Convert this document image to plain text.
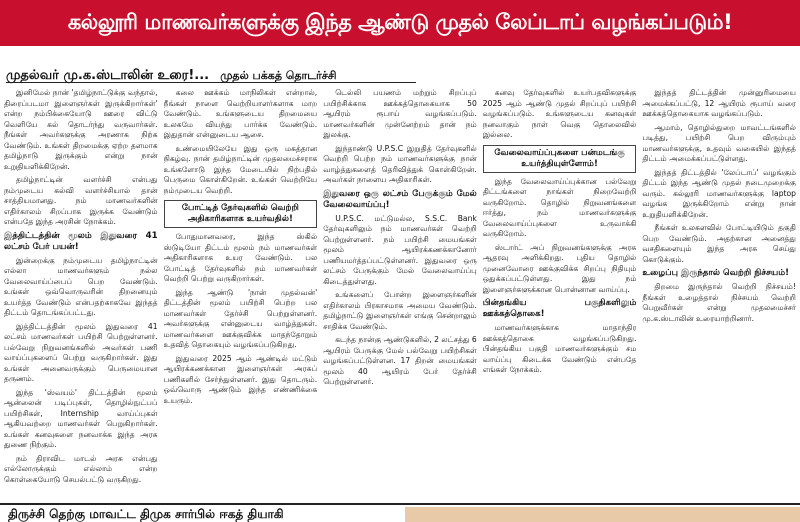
கல்லூரி மாணவர்களுக்கு இந்த ஆண்டு முதல் லேப்டாப் வழங்கப்படும்!
முதல்வர் மு.க.ஸ்டாலின் உரை!... முதல் பக்கத் தொடர்ச்சி

இனிமேல் நான் 'தமிழ்நாட்டுக்கு வந்தால், திரைப்படமா இளைஞர்கள் இருக்கிறார்கள்' என்ற நம்பிக்கையோடு ஊரை விட்டு வெளியே கல் தொடர்ந்து வருவார்கள். நீங்கள் அவர்களுக்கு அரணாக நிற்க வேண்டும். உங்கள் திறமைக்கு ஏற்ற தளமாக தமிழ்நாடு இருக்கும் என்று நான் உறுதியளிக்கிறேன்.

தமிழ்நாட்டின் வளர்ச்சி என்பது நம்முடைய கல்வி வளர்ச்சியால் தான் சாத்தியமானது. நம் மாணவர்களின் எதிர்காலம் சிறப்பாக இருக்க வேண்டும் என்பதே இந்த அரசின் நோக்கம்.

இத்திட்டத்தின் மூலம் இதுவரை 41 லட்சம் பேர் பயன்!

இன்றைக்கு நம்முடைய தமிழ்நாட்டின் எல்லா மாணவர்களும் நல்ல வேலைவாய்ப்பைப் பெற வேண்டும். உங்கள் ஒவ்வொருவரின் திறனையும் உயர்த்த வேண்டும் என்பதற்காகவே இந்தத் திட்டம் தொடங்கப்பட்டது.

இத்திட்டத்தின் மூலம் இதுவரை 41 லட்சம் மாணவர்கள் பயிற்சி பெற்றுள்ளனர். பல்வேறு நிறுவனங்களில் அவர்கள் பணி வாய்ப்புகளைப் பெற்று வருகிறார்கள். இது உங்கள் அனைவருக்கும் பெருமையான தருணம்.

இந்த 'ஸ்வயம்' திட்டத்தின் மூலம் ஆன்லைன் படிப்புகள், தொழில்நுட்பப் பயிற்சிகள், Internship வாய்ப்புகள் ஆகியவற்றை மாணவர்கள் பெறுகிறார்கள். உங்கள் கனவுகளை நனவாக்க இந்த அரசு துணை நிற்கும்.

நம் திராவிட மாடல் அரசு என்பது எல்லோருக்கும் எல்லாம் என்ற கொள்கையோடு செயல்பட்டு வருகிறது.

கலை ஊக்கம் மாநிலிகள் என்றால், நீங்கள் நாளை வெற்றியாளர்களாக மாற வேண்டும். உங்களுடைய திறமையை உலகமே வியந்து பார்க்க வேண்டும். இதுதான் என்னுடைய ஆசை.

உண்மையிலேயே இது ஒரு மகத்தான நிகழ்வு. நான் தமிழ்நாட்டின் முதலமைச்சராக உங்களோடு இந்த மேடையில் நிற்பதில் பெருமை கொள்கிறேன். உங்கள் வெற்றியே நம்முடைய வெற்றி.

போட்டித் தேர்வுகளில் வெற்றி அதிகாரிகளாக உயர்வதில்!

போதுமானவரை, இந்த ஸ்கில் ஸ்டுடியோ திட்டம் மூலம் நம் மாணவர்கள் அதிகாரிகளாக உயர வேண்டும். பல போட்டித் தேர்வுகளில் நம் மாணவர்கள் வெற்றி பெற்று வருகிறார்கள்.

இந்த ஆண்டு 'நான் முதல்வன்' திட்டத்தின் மூலம் பயிற்சி பெற்ற பல மாணவர்கள் தேர்ச்சி பெற்றுள்ளனர். அவர்களுக்கு என்னுடைய வாழ்த்துகள். மாணவர்களை ஊக்குவிக்க மாதந்தோறும் உதவித் தொகையும் வழங்கப்படுகிறது.

இதுவரை 2025 ஆம் ஆண்டில் மட்டும் ஆயிரக்கணக்கான இளைஞர்கள் அரசுப் பணிகளில் சேர்ந்துள்ளனர். இது தொடரும். ஒவ்வொரு ஆண்டும் இந்த எண்ணிக்கை உயரும்.

டெல்லி பயணம் மற்றும் சிறப்புப் பயிற்சிக்காக ஊக்கத்தொகையாக 50 ஆயிரம் ரூபாய் வழங்கப்படும். மாணவர்களின் முன்னேற்றம் தான் நம் இலக்கு.

இந்தாண்டு U.P.S.C இறுதித் தேர்வுகளில் வெற்றி பெற்ற நம் மாணவர்களுக்கு நான் வாழ்த்துகளைத் தெரிவித்துக் கொள்கிறேன். அவர்கள் நாளைய அதிகாரிகள்.

இதுவரை ஒரு லட்சம் பேருக்கும் மேல் வேலைவாய்ப்பு!

U.P.S.C. மட்டுமல்ல, S.S.C. Bank தேர்வுகளிலும் நம் மாணவர்கள் வெற்றி பெற்றுள்ளனர். நம் பயிற்சி மையங்கள் மூலம் ஆயிரக்கணக்கானோர் பணியமர்த்தப்பட்டுள்ளனர். இதுவரை ஒரு லட்சம் பேருக்கும் மேல் வேலைவாய்ப்பு கிடைத்துள்ளது.

உங்களைப் போன்ற இளைஞர்களின் எதிர்காலம் பிரகாசமாக அமைய வேண்டும். தமிழ்நாட்டு இளைஞர்கள் எங்கு சென்றாலும் சாதிக்க வேண்டும்.

கடந்த நான்கு ஆண்டுகளில், 2 லட்சத்து 6 ஆயிரம் பேருக்கு மேல் பல்வேறு பயிற்சிகள் வழங்கப்பட்டுள்ளன. 17 திறன் மையங்கள் மூலம் 40 ஆயிரம் பேர் தேர்ச்சி பெற்றுள்ளனர்.

கனவு தேர்வுகளில் உயர்பதவிகளுக்கு 2025 ஆம் ஆண்டு முதல் சிறப்புப் பயிற்சி வழங்கப்படும். உங்களுடைய கனவுகள் நனவாகும் நாள் வெகு தொலைவில் இல்லை.

வேலைவாய்ப்புகளை பன்மடங்கு உயர்த்தியுள்ளோம்!

இந்த வேலைவாய்ப்புக்கான பல்வேறு திட்டங்களை நாங்கள் நிறைவேற்றி வருகிறோம். தொழில் நிறுவனங்களை ஈர்த்து, நம் மாணவர்களுக்கு வேலைவாய்ப்புகளை உருவாக்கி வருகிறோம்.

ஸ்டார்ட் அப் நிறுவனங்களுக்கு அரசு ஆதரவு அளிக்கிறது. புதிய தொழில் முனைவோரை ஊக்குவிக்க சிறப்பு நிதியும் ஒதுக்கப்பட்டுள்ளது. இது நம் இளைஞர்களுக்கான பொன்னான வாய்ப்பு.

பின்தங்கிய பகுதிகளிலும் ஊக்கத்தொகை!

மாணவர்களுக்காக மாதாந்திர ஊக்கத்தொகை வழங்கப்படுகிறது. பின்தங்கிய பகுதி மாணவர்களுக்கும் சம வாய்ப்பு கிடைக்க வேண்டும் என்பதே எங்கள் நோக்கம்.

இந்தத் திட்டத்தின் முன்னுரிமையை அமைக்கப்பட்டு, 12 ஆயிரம் ரூபாய் வரை ஊக்கத்தொகையாக வழங்கப்படும்.

ஆமாம், தொழில்துறை மாவட்டங்களில் படித்து, பயிற்சி பெற விரும்பும் மாணவர்களுக்கு, உதவும் வகையில் இந்தத் திட்டம் அமைக்கப்பட்டுள்ளது.

இந்தத் திட்டத்தில் 'லேப்டாப்' வழங்கும் திட்டம் இந்த ஆண்டு முதல் நடைமுறைக்கு வரும். கல்லூரி மாணவர்களுக்கு laptop வழங்க இருக்கிறோம் என்று நான் உறுதியளிக்கிறேன்.

நீங்கள் உலகளவில் போட்டியிடும் தகுதி பெற வேண்டும். அதற்கான அனைத்து வசதிகளையும் இந்த அரசு செய்து கொடுக்கும்.

உழைப்பு இருந்தால் வெற்றி நிச்சயம்!

திறமை இருந்தால் வெற்றி நிச்சயம்! நீங்கள் உழைத்தால் நிச்சயம் வெற்றி பெறுவீர்கள் என்று முதலமைச்சர் மு.க.ஸ்டாலின் உரையாற்றினார்.

திருச்சி தெற்கு மாவட்ட திமுக சார்பில் ஈகத் தியாகி
